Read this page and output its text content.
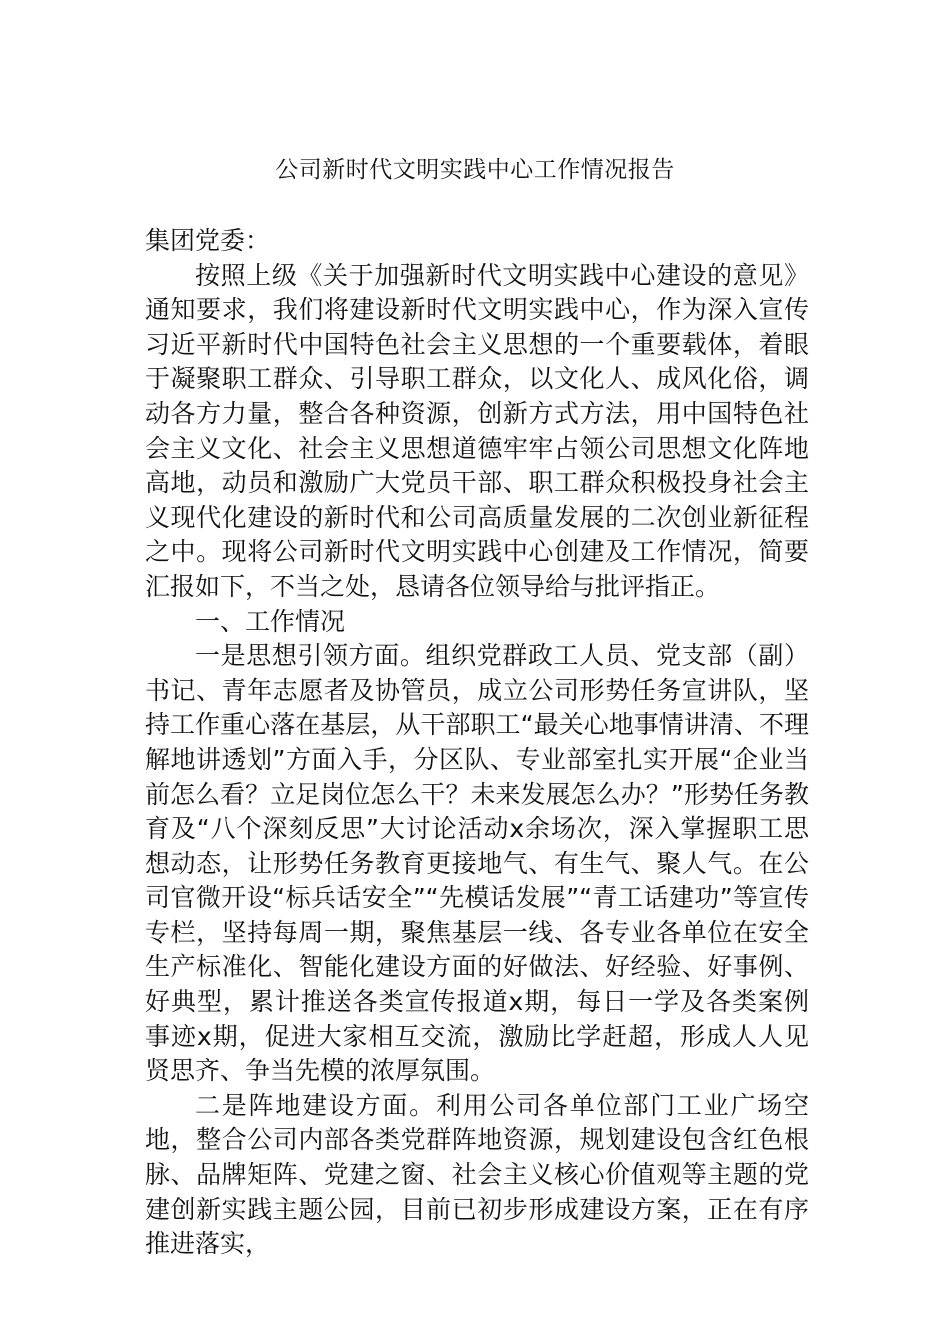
公司新时代文明实践中心工作情况报告

集团党委：

按照上级《关于加强新时代文明实践中心建设的意见》通知要求，我们将建设新时代文明实践中心，作为深入宣传习近平新时代中国特色社会主义思想的一个重要载体，着眼于凝聚职工群众、引导职工群众，以文化人、成风化俗，调动各方力量，整合各种资源，创新方式方法，用中国特色社会主义文化、社会主义思想道德牢牢占领公司思想文化阵地高地，动员和激励广大党员干部、职工群众积极投身社会主义现代化建设的新时代和公司高质量发展的二次创业新征程之中。现将公司新时代文明实践中心创建及工作情况，简要汇报如下，不当之处，恳请各位领导给与批评指正。

一、工作情况

一是思想引领方面。组织党群政工人员、党支部（副）书记、青年志愿者及协管员，成立公司形势任务宣讲队，坚持工作重心落在基层，从干部职工“最关心地事情讲清、不理解地讲透划”方面入手，分区队、专业部室扎实开展“企业当前怎么看？立足岗位怎么干？未来发展怎么办？”形势任务教育及“八个深刻反思”大讨论活动x余场次，深入掌握职工思想动态，让形势任务教育更接地气、有生气、聚人气。在公司官微开设“标兵话安全”“先模话发展”“青工话建功”等宣传专栏，坚持每周一期，聚焦基层一线、各专业各单位在安全生产标准化、智能化建设方面的好做法、好经验、好事例、好典型，累计推送各类宣传报道x期，每日一学及各类案例事迹x期，促进大家相互交流，激励比学赶超，形成人人见贤思齐、争当先模的浓厚氛围。

二是阵地建设方面。利用公司各单位部门工业广场空地，整合公司内部各类党群阵地资源，规划建设包含红色根脉、品牌矩阵、党建之窗、社会主义核心价值观等主题的党建创新实践主题公园，目前已初步形成建设方案，正在有序推进落实，
